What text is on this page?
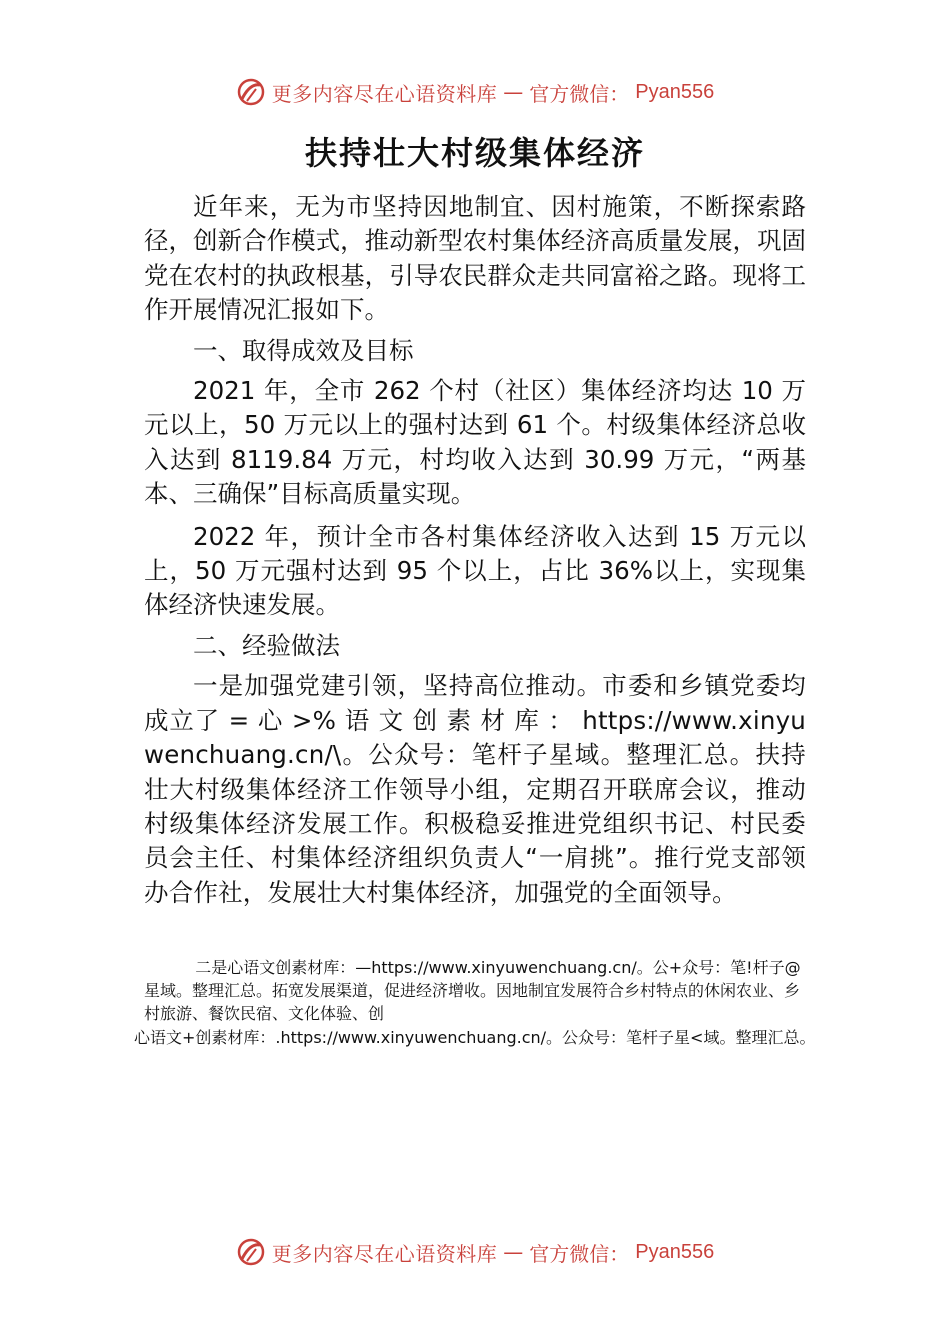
更多内容尽在心语资料库 — 官方微信： Pyan556
扶持壮大村级集体经济

近年来，无为市坚持因地制宜、因村施策，不断探索路径，创新合作模式，推动新型农村集体经济高质量发展，巩固党在农村的执政根基，引导农民群众走共同富裕之路。现将工作开展情况汇报如下。

一、取得成效及目标

2021 年，全市 262 个村（社区）集体经济均达 10 万元以上，50 万元以上的强村达到 61 个。村级集体经济总收入达到 8119.84 万元，村均收入达到 30.99 万元，“两基本、三确保”目标高质量实现。

2022 年，预计全市各村集体经济收入达到 15 万元以上，50 万元强村达到 95 个以上，占比 36%以上，实现集体经济快速发展。

二、经验做法

一是加强党建引领，坚持高位推动。市委和乡镇党委均成立了 = 心 >% 语 文 创 素 材 库 ： https://www.xinyuwenchuang.cn/\。公众号：笔杆子星域。整理汇总。扶持壮大村级集体经济工作领导小组，定期召开联席会议，推动村级集体经济发展工作。积极稳妥推进党组织书记、村民委员会主任、村集体经济组织负责人“一肩挑”。推行党支部领办合作社，发展壮大村集体经济，加强党的全面领导。

二是心语文创素材库：—https://www.xinyuwenchuang.cn/。公+众号：笔!杆子@星域。整理汇总。拓宽发展渠道，促进经济增收。因地制宜发展符合乡村特点的休闲农业、乡村旅游、餐饮民宿、文化体验、创

心语文+创素材库：.https://www.xinyuwenchuang.cn/。公众号：笔杆子星<域。整理汇总。

更多内容尽在心语资料库 — 官方微信： Pyan556
